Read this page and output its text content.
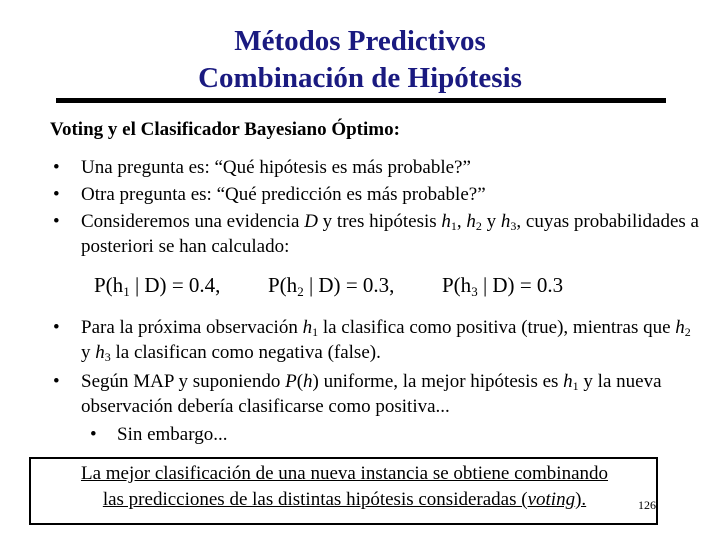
Métodos Predictivos
Combinación de Hipótesis
Voting y el Clasificador Bayesiano Óptimo:
• Una pregunta es: “Qué hipótesis es más probable?”
• Otra pregunta es: “Qué predicción es más probable?”
• Consideremos una evidencia D y tres hipótesis $h_1$, $h_2$ y $h_3$, cuyas probabilidades a posteriori se han calculado:
P(h1 | D) = 0.4, P(h2 | D) = 0.3, P(h3 | D) = 0.3
• Para la próxima observación $h_1$ la clasifica como positiva (true), mientras que $h_2$ y $h_3$ la clasifican como negativa (false).
• Según MAP y suponiendo P(h) uniforme, la mejor hipótesis es $h_1$ y la nueva observación debería clasificarse como positiva...
• Sin embargo...
La mejor clasificación de una nueva instancia se obtiene combinando
las predicciones de las distintas hipótesis consideradas (voting).	126
